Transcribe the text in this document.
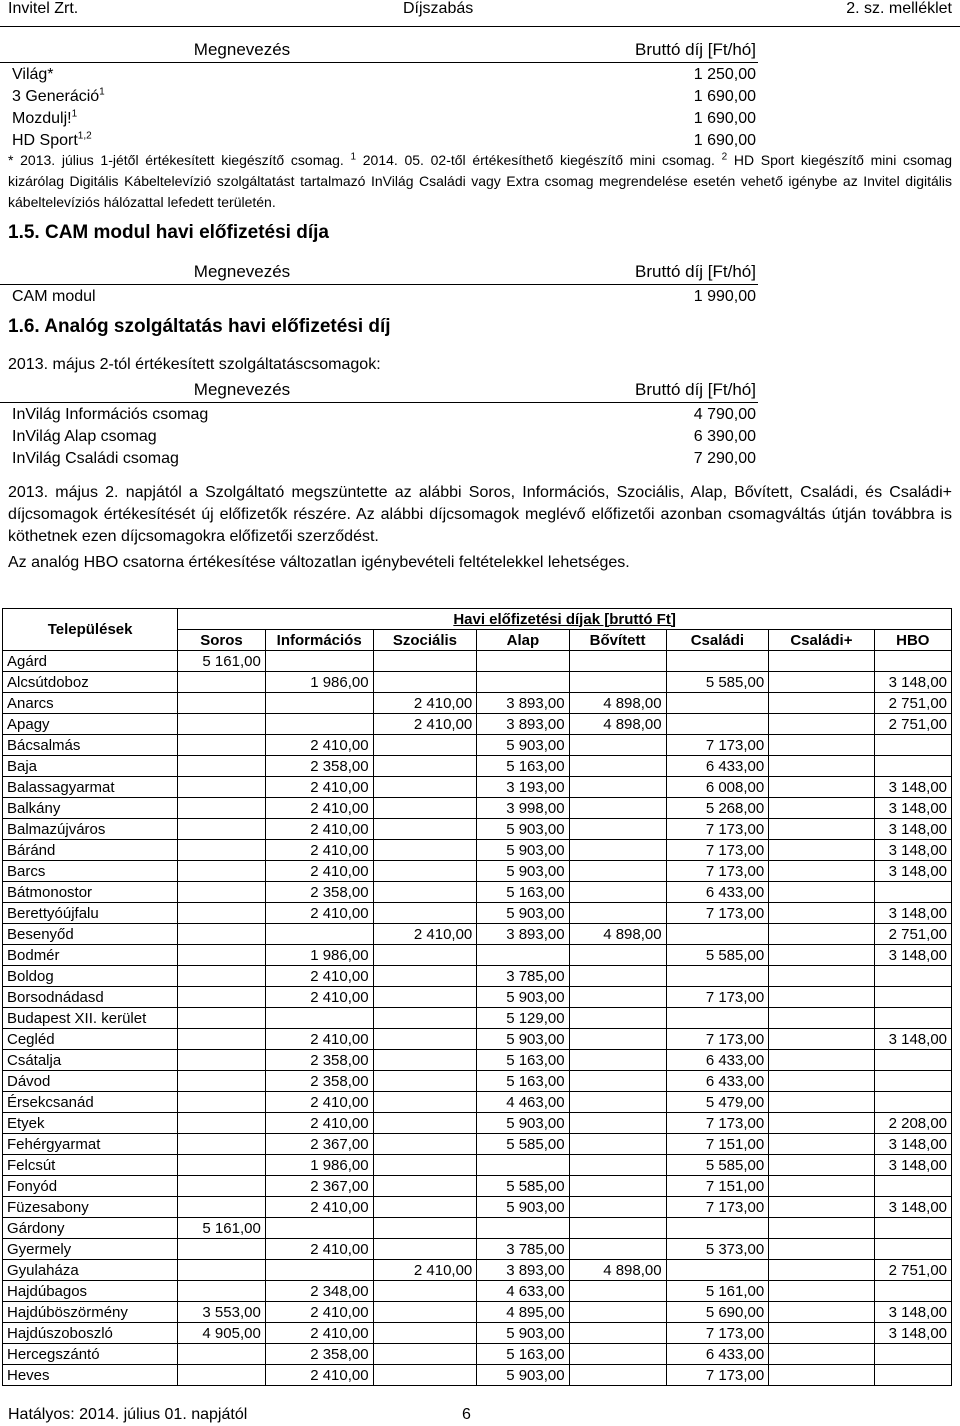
Invitel Zrt.	Díjszabás	2. sz. melléklet
Megnevezés		Bruttó díj [Ft/hó]
Világ*		1 250,00
3 Generáció$^1$		1 690,00
Mozdulj!$^1$		1 690,00
HD Sport$^{1,2}$		1 690,00
* 2013. július 1-jétől értékesített kiegészítő csomag. $^1$ 2014. 05. 02-től értékesíthető kiegészítő mini csomag. $^2$ HD Sport kiegészítő mini csomag kizárólag Digitális Kábeltelevízió szolgáltatást tartalmazó InVilág Családi vagy Extra csomag megrendelése esetén vehető igénybe az Invitel digitális kábeltelevíziós hálózattal lefedett területén.
1.5. CAM modul havi előfizetési díja
Megnevezés		Bruttó díj [Ft/hó]
CAM modul		1 990,00
1.6. Analóg szolgáltatás havi előfizetési díj
2013. május 2-tól értékesített szolgáltatáscsomagok:
Megnevezés		Bruttó díj [Ft/hó]
InVilág Információs csomag		4 790,00
InVilág Alap csomag		6 390,00
InVilág Családi csomag		7 290,00
2013. május 2. napjától a Szolgáltató megszüntette az alábbi Soros, Információs, Szociális, Alap, Bővített, Családi, és Családi+ díjcsomagok értékesítését új előfizetők részére. Az alábbi díjcsomagok meglévő előfizetői azonban csomagváltás útján továbbra is köthetnek ezen díjcsomagokra előfizetői szerződést.
Az analóg HBO csatorna értékesítése változatlan igénybevételi feltételekkel lehetséges.
Települések	Havi előfizetési díjak [bruttó Ft]							
	Soros	Információs	Szociális	Alap	Bővített	Családi	Családi+	HBO
Agárd	5 161,00							
Alcsútdoboz		1 986,00				5 585,00		3 148,00
Anarcs			2 410,00	3 893,00	4 898,00			2 751,00
Apagy			2 410,00	3 893,00	4 898,00			2 751,00
Bácsalmás		2 410,00		5 903,00		7 173,00		
Baja		2 358,00		5 163,00		6 433,00		
Balassagyarmat		2 410,00		3 193,00		6 008,00		3 148,00
Balkány		2 410,00		3 998,00		5 268,00		3 148,00
Balmazújváros		2 410,00		5 903,00		7 173,00		3 148,00
Báránd		2 410,00		5 903,00		7 173,00		3 148,00
Barcs		2 410,00		5 903,00		7 173,00		3 148,00
Bátmonostor		2 358,00		5 163,00		6 433,00		
Berettyóújfalu		2 410,00		5 903,00		7 173,00		3 148,00
Besenyőd			2 410,00	3 893,00	4 898,00			2 751,00
Bodmér		1 986,00				5 585,00		3 148,00
Boldog		2 410,00		3 785,00				
Borsodnádasd		2 410,00		5 903,00		7 173,00		
Budapest XII. kerület				5 129,00				
Cegléd		2 410,00		5 903,00		7 173,00		3 148,00
Csátalja		2 358,00		5 163,00		6 433,00		
Dávod		2 358,00		5 163,00		6 433,00		
Érsekcsanád		2 410,00		4 463,00		5 479,00		
Etyek		2 410,00		5 903,00		7 173,00		2 208,00
Fehérgyarmat		2 367,00		5 585,00		7 151,00		3 148,00
Felcsút		1 986,00				5 585,00		3 148,00
Fonyód		2 367,00		5 585,00		7 151,00		
Füzesabony		2 410,00		5 903,00		7 173,00		3 148,00
Gárdony	5 161,00							
Gyermely		2 410,00		3 785,00		5 373,00		
Gyulaháza			2 410,00	3 893,00	4 898,00			2 751,00
Hajdúbagos		2 348,00		4 633,00		5 161,00		
Hajdúböszörmény	3 553,00	2 410,00		4 895,00		5 690,00		3 148,00
Hajdúszoboszló	4 905,00	2 410,00		5 903,00		7 173,00		3 148,00
Hercegszántó		2 358,00		5 163,00		6 433,00		
Heves		2 410,00		5 903,00		7 173,00		
Hatályos: 2014. július 01. napjától	6
